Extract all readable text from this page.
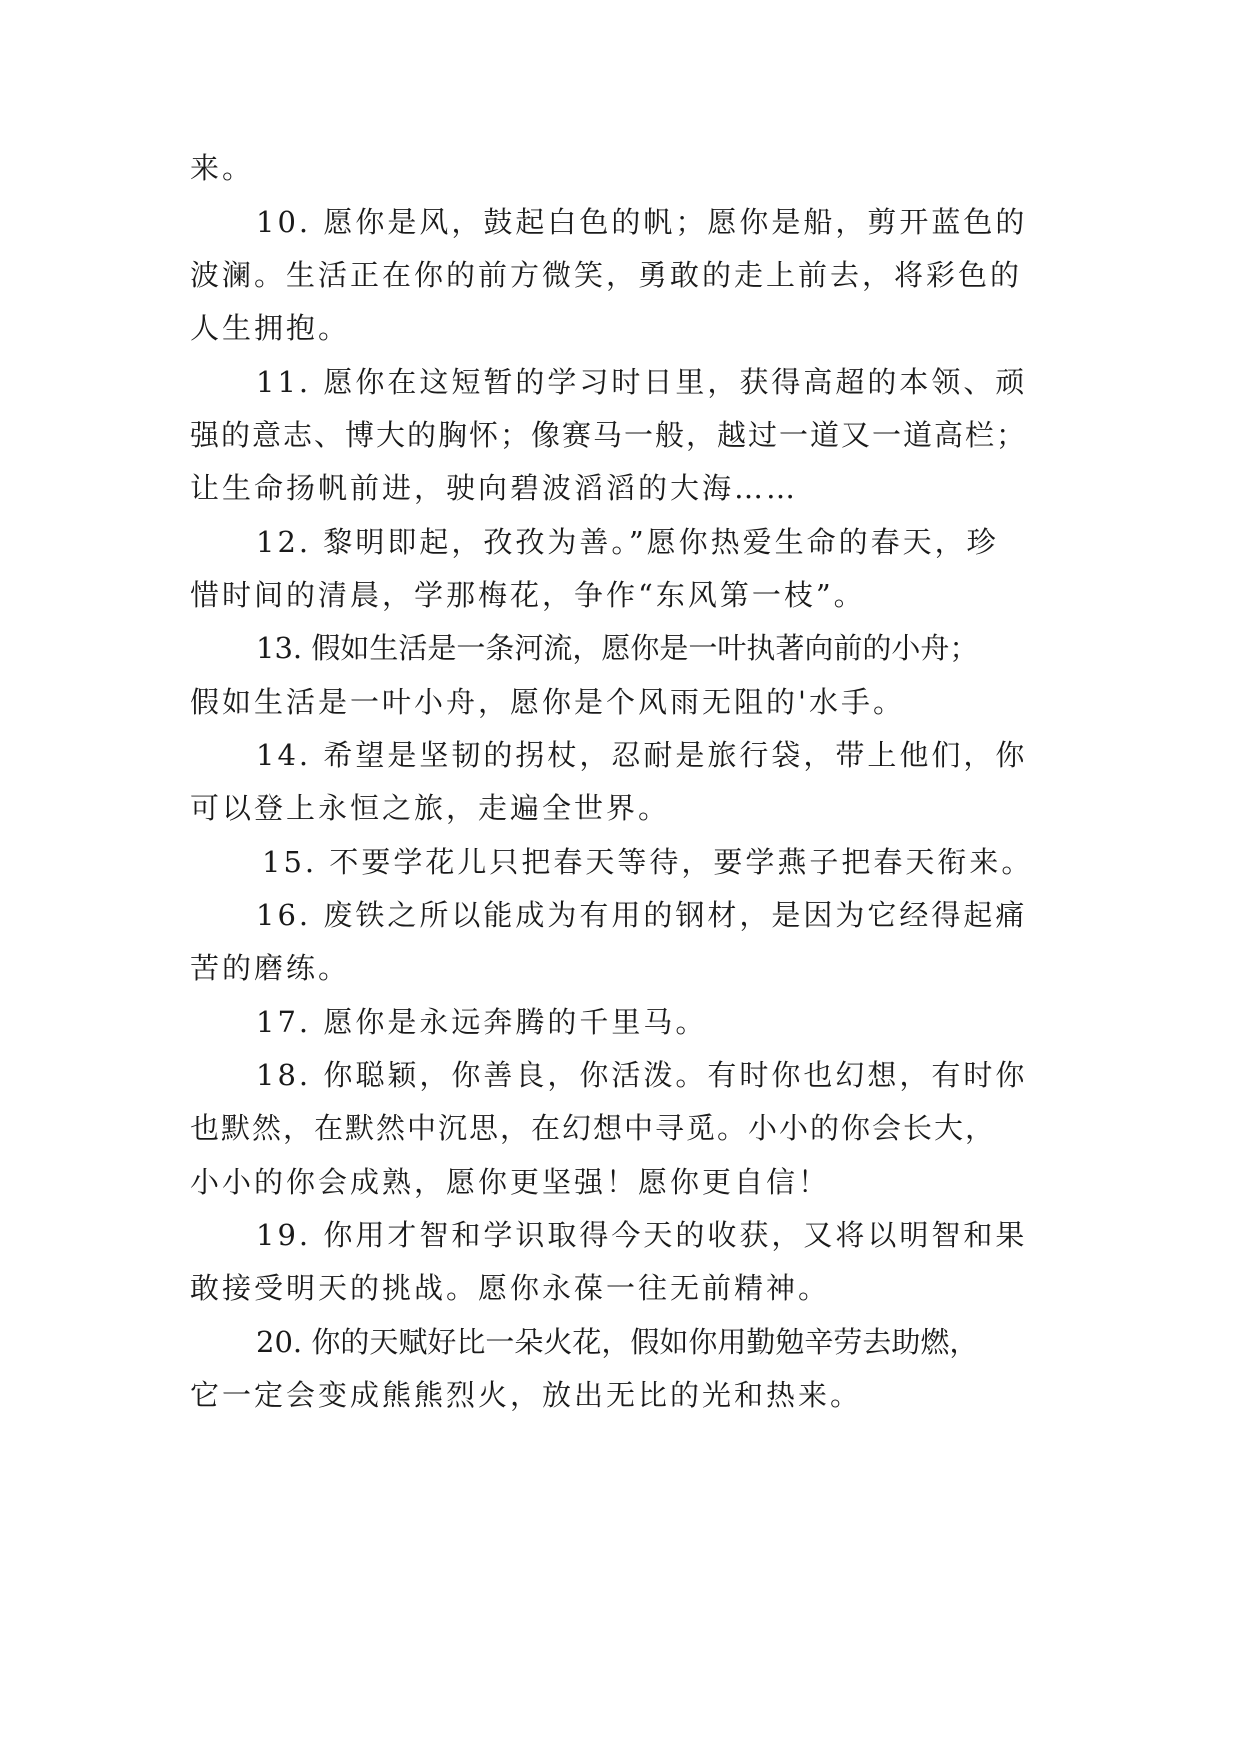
来。

10. 愿你是风，鼓起白色的帆；愿你是船，剪开蓝色的

波澜。生活正在你的前方微笑，勇敢的走上前去，将彩色的

人生拥抱。

11. 愿你在这短暂的学习时日里，获得高超的本领、顽

强的意志、博大的胸怀；像赛马一般，越过一道又一道高栏；

让生命扬帆前进，驶向碧波滔滔的大海……

12. 黎明即起，孜孜为善。”愿你热爱生命的春天，珍

惜时间的清晨，学那梅花，争作“东风第一枝”。

13. 假如生活是一条河流，愿你是一叶执著向前的小舟；

假如生活是一叶小舟，愿你是个风雨无阻的'水手。

14. 希望是坚韧的拐杖，忍耐是旅行袋，带上他们，你

可以登上永恒之旅，走遍全世界。

15. 不要学花儿只把春天等待，要学燕子把春天衔来。

16. 废铁之所以能成为有用的钢材，是因为它经得起痛

苦的磨练。

17. 愿你是永远奔腾的千里马。

18. 你聪颖，你善良，你活泼。有时你也幻想，有时你

也默然，在默然中沉思，在幻想中寻觅。小小的你会长大，

小小的你会成熟，愿你更坚强！愿你更自信！

19. 你用才智和学识取得今天的收获，又将以明智和果

敢接受明天的挑战。愿你永葆一往无前精神。

20. 你的天赋好比一朵火花，假如你用勤勉辛劳去助燃，

它一定会变成熊熊烈火，放出无比的光和热来。
